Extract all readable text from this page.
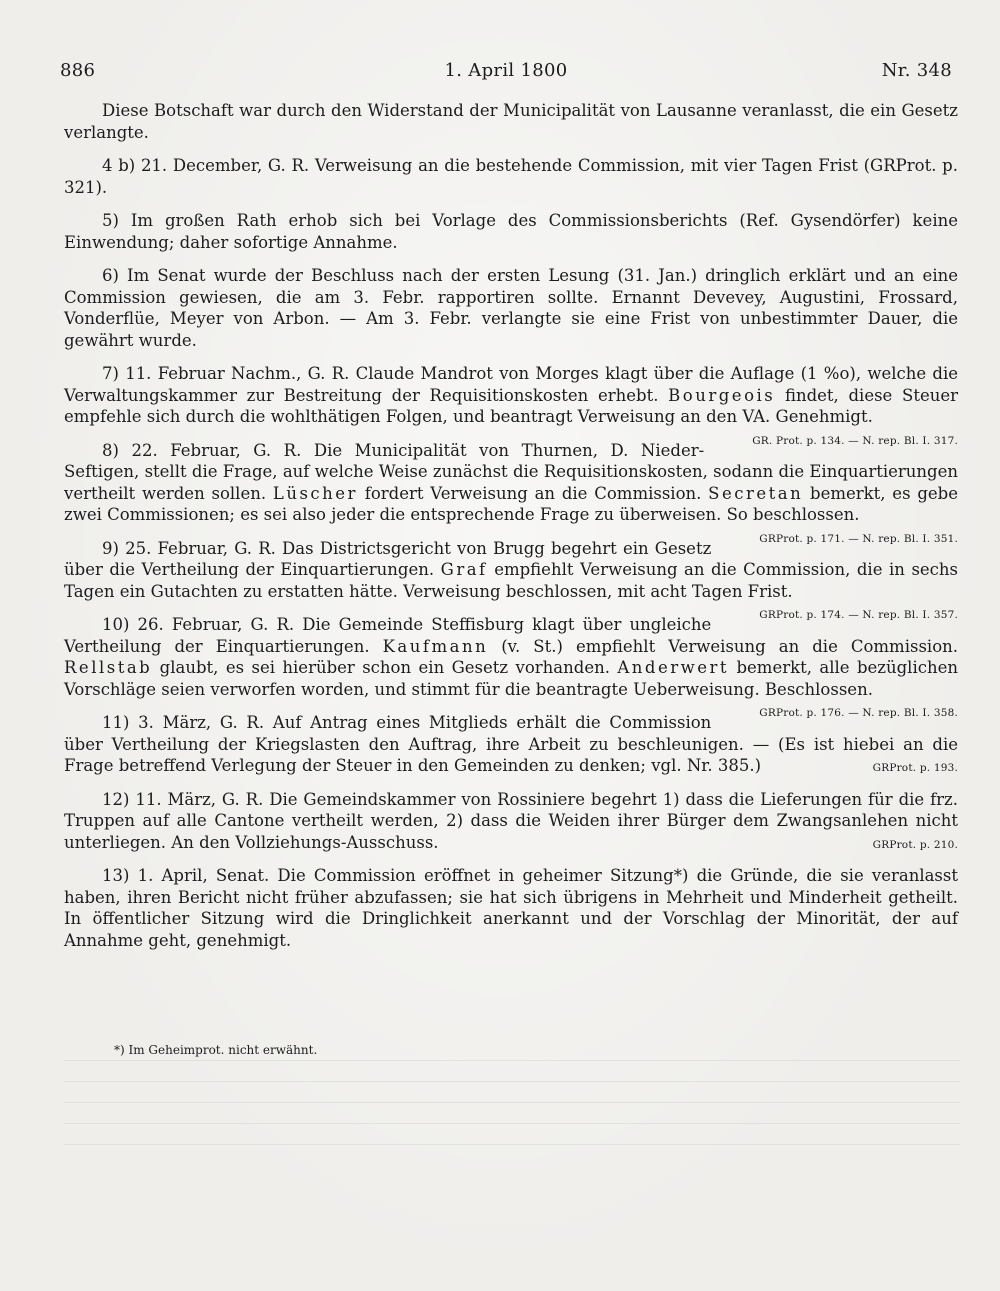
886	1. April 1800	Nr. 348

Diese Botschaft war durch den Widerstand der Municipalität von Lausanne veranlasst, die ein Gesetz verlangte.

4 b) 21. December, G. R. Verweisung an die bestehende Commission, mit vier Tagen Frist (GRProt. p. 321).

5) Im großen Rath erhob sich bei Vorlage des Commissionsberichts (Ref. Gysendörfer) keine Einwendung; daher sofortige Annahme.

6) Im Senat wurde der Beschluss nach der ersten Lesung (31. Jan.) dringlich erklärt und an eine Commission gewiesen, die am 3. Febr. rapportiren sollte. Ernannt Devevey, Augustini, Frossard, Vonderflüe, Meyer von Arbon. — Am 3. Febr. verlangte sie eine Frist von unbestimmter Dauer, die gewährt wurde.

7) 11. Februar Nachm., G. R. Claude Mandrot von Morges klagt über die Auflage (1 %o), welche die Verwaltungskammer zur Bestreitung der Requisitionskosten erhebt. Bourgeois findet, diese Steuer empfehle sich durch die wohlthätigen Folgen, und beantragt Verweisung an den VA. Genehmigt.
GR. Prot. p. 134. — N. rep. Bl. I. 317.

8) 22. Februar, G. R. Die Municipalität von Thurnen, D. Nieder-Seftigen, stellt die Frage, auf welche Weise zunächst die Requisitionskosten, sodann die Einquartierungen vertheilt werden sollen. Lüscher fordert Verweisung an die Commission. Secretan bemerkt, es gebe zwei Commissionen; es sei also jeder die entsprechende Frage zu überweisen. So beschlossen.
GRProt. p. 171. — N. rep. Bl. I. 351.

9) 25. Februar, G. R. Das Districtsgericht von Brugg begehrt ein Gesetz über die Vertheilung der Einquartierungen. Graf empfiehlt Verweisung an die Commission, die in sechs Tagen ein Gutachten zu erstatten hätte. Verweisung beschlossen, mit acht Tagen Frist.
GRProt. p. 174. — N. rep. Bl. I. 357.

10) 26. Februar, G. R. Die Gemeinde Steffisburg klagt über ungleiche Vertheilung der Einquartierungen. Kaufmann (v. St.) empfiehlt Verweisung an die Commission. Rellstab glaubt, es sei hierüber schon ein Gesetz vorhanden. Anderwert bemerkt, alle bezüglichen Vorschläge seien verworfen worden, und stimmt für die beantragte Ueberweisung. Beschlossen.
GRProt. p. 176. — N. rep. Bl. I. 358.

11) 3. März, G. R. Auf Antrag eines Mitglieds erhält die Commission über Vertheilung der Kriegslasten den Auftrag, ihre Arbeit zu beschleunigen. — (Es ist hiebei an die Frage betreffend Verlegung der Steuer in den Gemeinden zu denken; vgl. Nr. 385.)	GRProt. p. 193.

12) 11. März, G. R. Die Gemeindskammer von Rossiniere begehrt 1) dass die Lieferungen für die frz. Truppen auf alle Cantone vertheilt werden, 2) dass die Weiden ihrer Bürger dem Zwangsanlehen nicht unterliegen. An den Vollziehungs-Ausschuss.	GRProt. p. 210.

13) 1. April, Senat. Die Commission eröffnet in geheimer Sitzung*) die Gründe, die sie veranlasst haben, ihren Bericht nicht früher abzufassen; sie hat sich übrigens in Mehrheit und Minderheit getheilt. In öffentlicher Sitzung wird die Dringlichkeit anerkannt und der Vorschlag der Minorität, der auf Annahme geht, genehmigt.

*) Im Geheimprot. nicht erwähnt.
